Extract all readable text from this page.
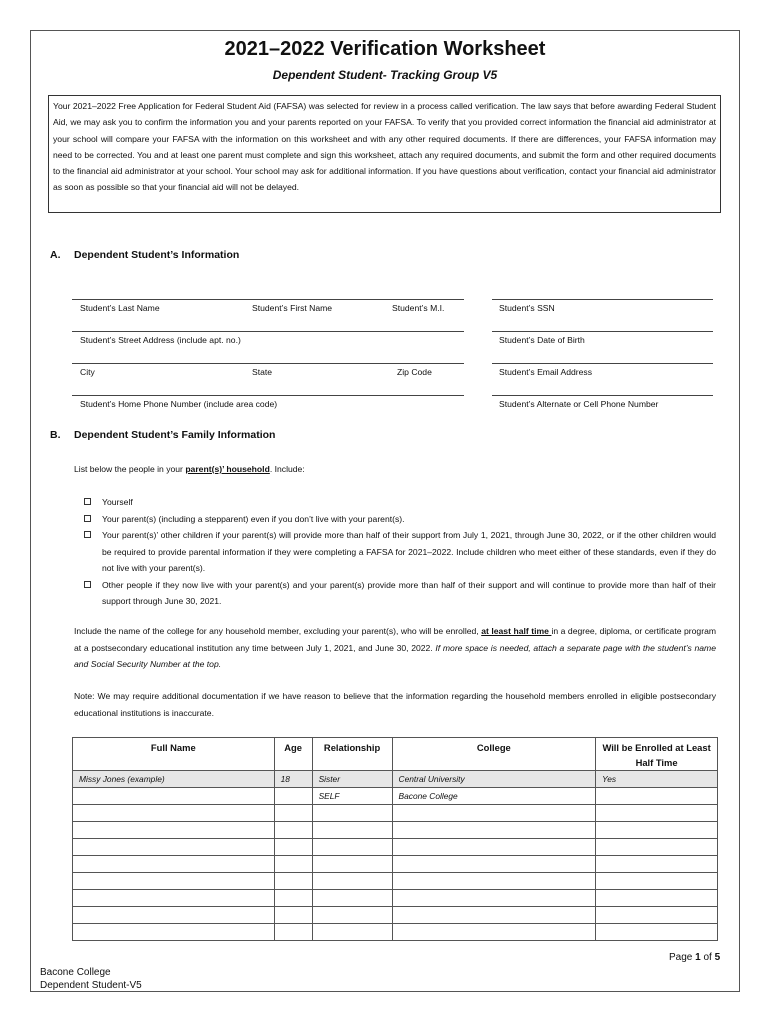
2021–2022 Verification Worksheet
Dependent Student- Tracking Group V5
Your 2021–2022 Free Application for Federal Student Aid (FAFSA) was selected for review in a process called verification. The law says that before awarding Federal Student Aid, we may ask you to confirm the information you and your parents reported on your FAFSA. To verify that you provided correct information the financial aid administrator at your school will compare your FAFSA with the information on this worksheet and with any other required documents. If there are differences, your FAFSA information may need to be corrected. You and at least one parent must complete and sign this worksheet, attach any required documents, and submit the form and other required documents to the financial aid administrator at your school. Your school may ask for additional information. If you have questions about verification, contact your financial aid administrator as soon as possible so that your financial aid will not be delayed.
A. Dependent Student’s Information
Student’s Last Name	Student’s First Name	Student’s M.I.	Student’s SSN
Student’s Street Address (include apt. no.)	Student’s Date of Birth
City	State	Zip Code	Student’s Email Address
Student’s Home Phone Number (include area code)	Student’s Alternate or Cell Phone Number
B. Dependent Student’s Family Information
List below the people in your parent(s)’ household. Include:
Yourself
Your parent(s) (including a stepparent) even if you don’t live with your parent(s).
Your parent(s)’ other children if your parent(s) will provide more than half of their support from July 1, 2021, through June 30, 2022, or if the other children would be required to provide parental information if they were completing a FAFSA for 2021–2022. Include children who meet either of these standards, even if they do not live with your parent(s).
Other people if they now live with your parent(s) and your parent(s) provide more than half of their support and will continue to provide more than half of their support through June 30, 2021.
Include the name of the college for any household member, excluding your parent(s), who will be enrolled, at least half time in a degree, diploma, or certificate program at a postsecondary educational institution any time between July 1, 2021, and June 30, 2022. If more space is needed, attach a separate page with the student’s name and Social Security Number at the top.
Note: We may require additional documentation if we have reason to believe that the information regarding the household members enrolled in eligible postsecondary educational institutions is inaccurate.
Full Name	Age	Relationship	College	Will be Enrolled at Least Half Time
Missy Jones (example)	18	Sister	Central University	Yes
		SELF	Bacone College	

Page 1 of 5
Bacone College
Dependent Student-V5
